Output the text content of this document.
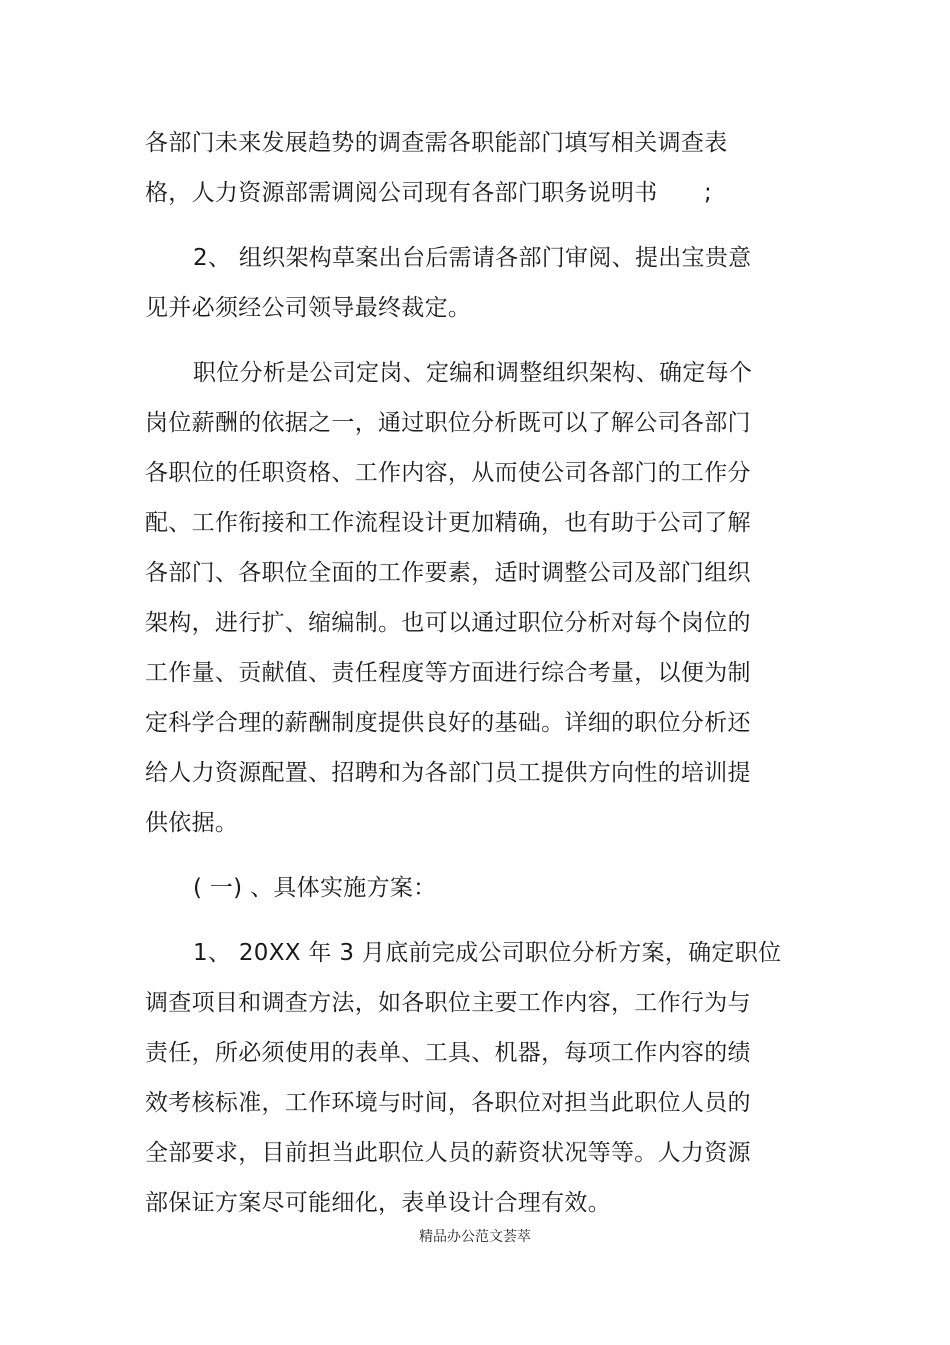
各部门未来发展趋势的调查需各职能部门填写相关调查表
格，人力资源部需调阅公司现有各部门职务说明书 ;
2、 组织架构草案出台后需请各部门审阅、提出宝贵意
见并必须经公司领导最终裁定。
职位分析是公司定岗、定编和调整组织架构、确定每个
岗位薪酬的依据之一，通过职位分析既可以了解公司各部门
各职位的任职资格、工作内容，从而使公司各部门的工作分
配、工作衔接和工作流程设计更加精确，也有助于公司了解
各部门、各职位全面的工作要素，适时调整公司及部门组织
架构，进行扩、缩编制。也可以通过职位分析对每个岗位的
工作量、贡献值、责任程度等方面进行综合考量，以便为制
定科学合理的薪酬制度提供良好的基础。详细的职位分析还
给人力资源配置、招聘和为各部门员工提供方向性的培训提
供依据。
( 一) 、具体实施方案：
1、 20XX 年 3 月底前完成公司职位分析方案，确定职位
调查项目和调查方法，如各职位主要工作内容，工作行为与
责任，所必须使用的表单、工具、机器，每项工作内容的绩
效考核标准，工作环境与时间，各职位对担当此职位人员的
全部要求，目前担当此职位人员的薪资状况等等。人力资源
部保证方案尽可能细化，表单设计合理有效。
精品办公范文荟萃
